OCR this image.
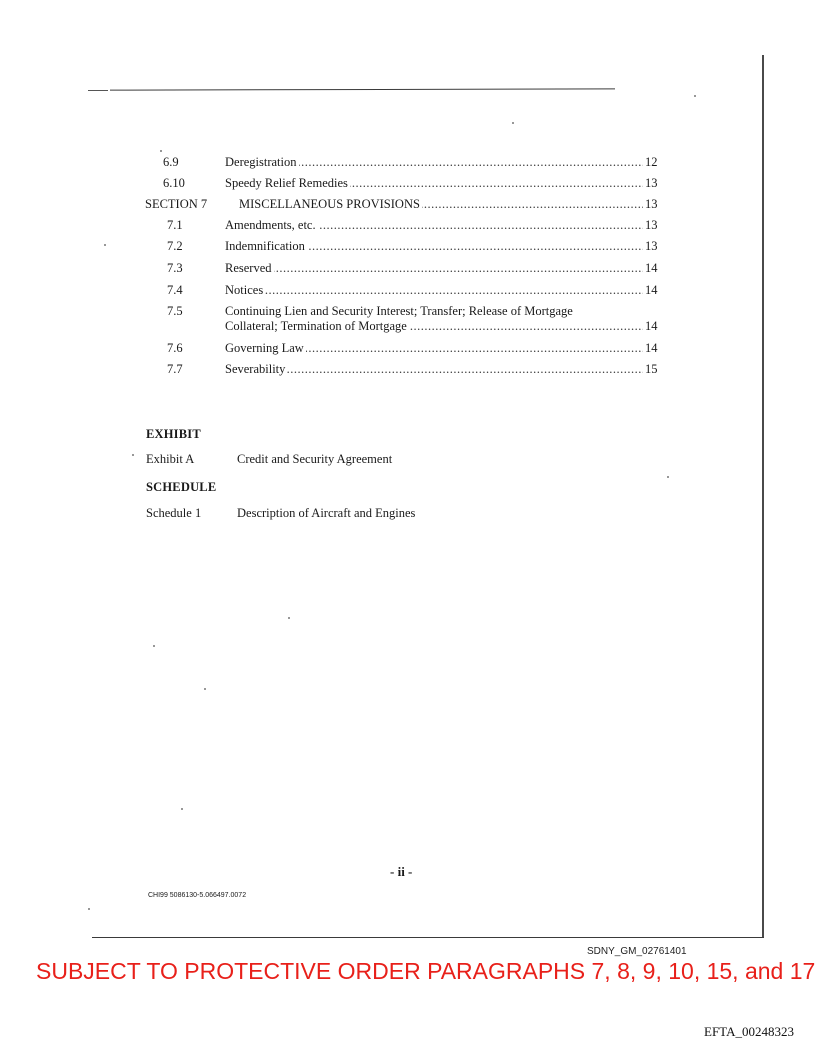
6.9	Deregistration .....	12
6.10	Speedy Relief Remedies .....	13
SECTION 7	MISCELLANEOUS PROVISIONS .....	13
7.1	Amendments, etc. .....	13
7.2	Indemnification .....	13
7.3	Reserved .....	14
7.4	Notices .....	14
7.5	Continuing Lien and Security Interest; Transfer; Release of Mortgage
Collateral; Termination of Mortgage .....	14
7.6	Governing Law .....	14
7.7	Severability .....	15
EXHIBIT
Exhibit A	Credit and Security Agreement
SCHEDULE
Schedule 1	Description of Aircraft and Engines
- ii -
CHI99 5086130-5.066497.0072
SDNY_GM_02761401
SUBJECT TO PROTECTIVE ORDER PARAGRAPHS 7, 8, 9, 10, 15, and 17
EFTA_00248323
